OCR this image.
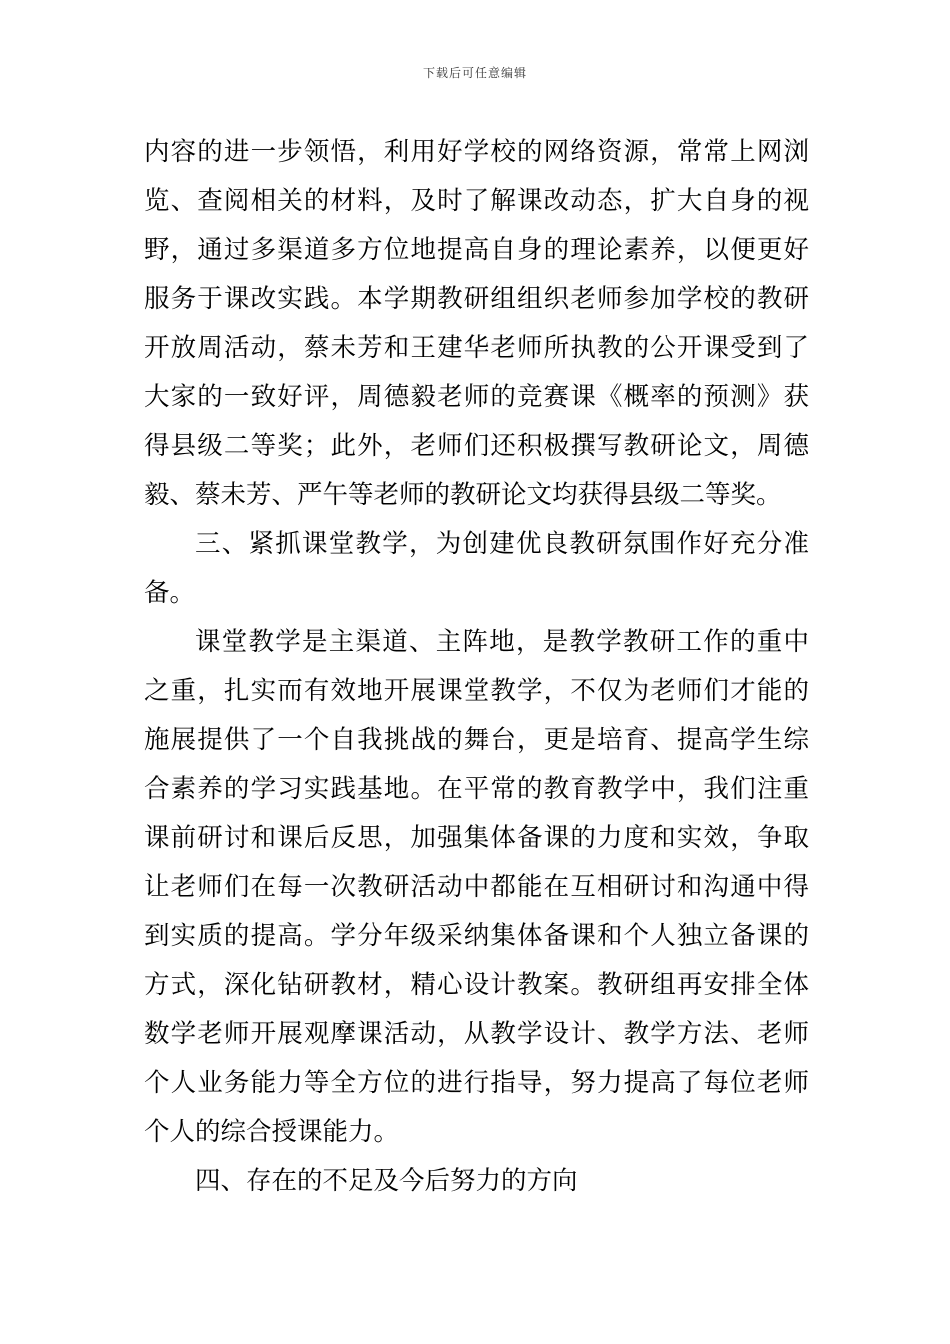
下载后可任意编辑
内容的进一步领悟，利用好学校的网络资源，常常上网浏
览、查阅相关的材料，及时了解课改动态，扩大自身的视
野，通过多渠道多方位地提高自身的理论素养，以便更好
服务于课改实践。本学期教研组组织老师参加学校的教研
开放周活动，蔡未芳和王建华老师所执教的公开课受到了
大家的一致好评，周德毅老师的竞赛课《概率的预测》获
得县级二等奖；此外，老师们还积极撰写教研论文，周德
毅、蔡未芳、严午等老师的教研论文均获得县级二等奖。
三、紧抓课堂教学，为创建优良教研氛围作好充分准
备。
课堂教学是主渠道、主阵地，是教学教研工作的重中
之重，扎实而有效地开展课堂教学，不仅为老师们才能的
施展提供了一个自我挑战的舞台，更是培育、提高学生综
合素养的学习实践基地。在平常的教育教学中，我们注重
课前研讨和课后反思，加强集体备课的力度和实效，争取
让老师们在每一次教研活动中都能在互相研讨和沟通中得
到实质的提高。学分年级采纳集体备课和个人独立备课的
方式，深化钻研教材，精心设计教案。教研组再安排全体
数学老师开展观摩课活动，从教学设计、教学方法、老师
个人业务能力等全方位的进行指导，努力提高了每位老师
个人的综合授课能力。
四、存在的不足及今后努力的方向
